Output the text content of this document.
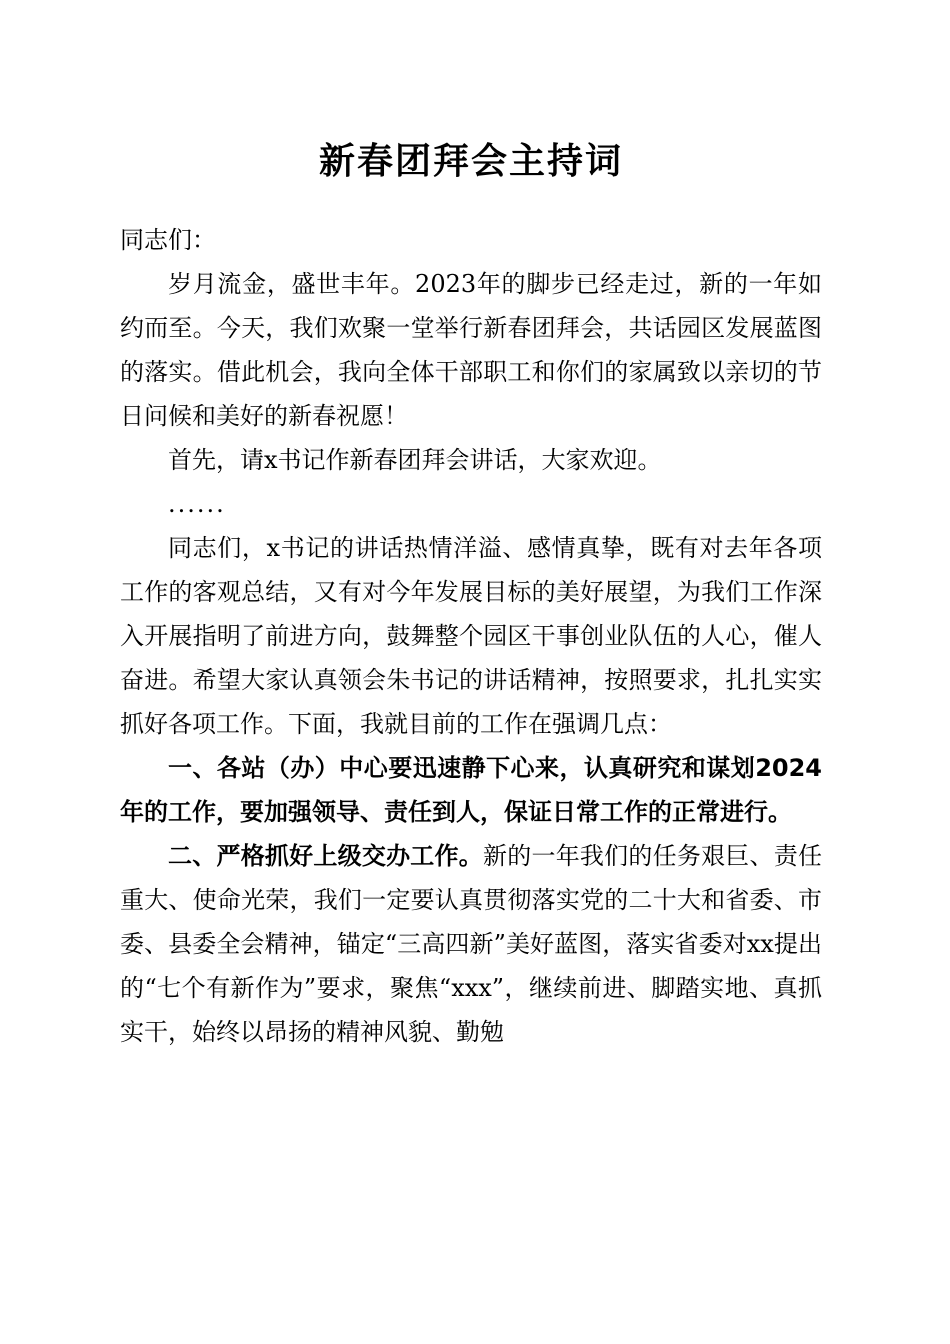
新春团拜会主持词
同志们：
岁月流金，盛世丰年。2023年的脚步已经走过，新的一年如约而至。今天，我们欢聚一堂举行新春团拜会，共话园区发展蓝图的落实。借此机会，我向全体干部职工和你们的家属致以亲切的节日问候和美好的新春祝愿！
首先，请x书记作新春团拜会讲话，大家欢迎。
......
同志们，x书记的讲话热情洋溢、感情真挚，既有对去年各项工作的客观总结，又有对今年发展目标的美好展望，为我们工作深入开展指明了前进方向，鼓舞整个园区干事创业队伍的人心，催人奋进。希望大家认真领会朱书记的讲话精神，按照要求，扎扎实实抓好各项工作。下面，我就目前的工作在强调几点：
一、各站（办）中心要迅速静下心来，认真研究和谋划2024年的工作，要加强领导、责任到人，保证日常工作的正常进行。
二、严格抓好上级交办工作。新的一年我们的任务艰巨、责任重大、使命光荣，我们一定要认真贯彻落实党的二十大和省委、市委、县委全会精神，锚定“三高四新”美好蓝图，落实省委对xx提出的“七个有新作为”要求，聚焦“xxx”，继续前进、脚踏实地、真抓实干，始终以昂扬的精神风貌、勤勉
